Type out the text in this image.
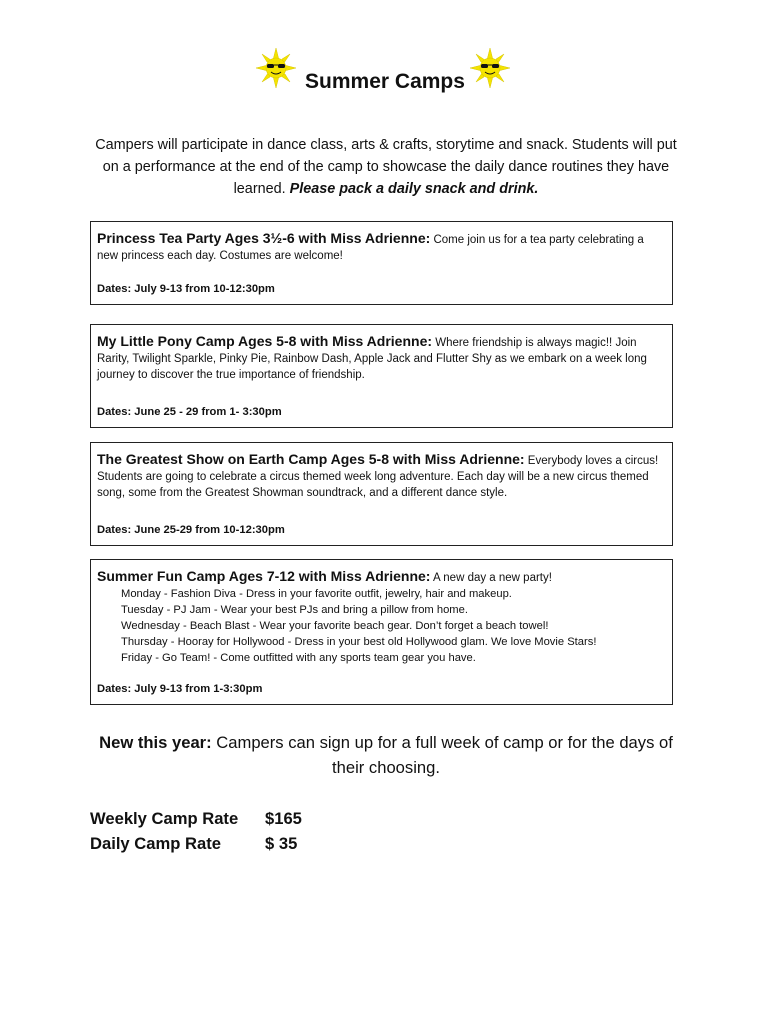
Summer Camps

Campers will participate in dance class, arts & crafts, storytime and snack. Students will put on a performance at the end of the camp to showcase the daily dance routines they have learned. Please pack a daily snack and drink.

Princess Tea Party Ages 3½-6 with Miss Adrienne: Come join us for a tea party celebrating a new princess each day. Costumes are welcome!

Dates: July 9-13 from 10-12:30pm

My Little Pony Camp Ages 5-8 with Miss Adrienne: Where friendship is always magic!! Join Rarity, Twilight Sparkle, Pinky Pie, Rainbow Dash, Apple Jack and Flutter Shy as we embark on a week long journey to discover the true importance of friendship.

Dates: June 25 - 29 from 1- 3:30pm

The Greatest Show on Earth Camp Ages 5-8 with Miss Adrienne: Everybody loves a circus! Students are going to celebrate a circus themed week long adventure. Each day will be a new circus themed song, some from the Greatest Showman soundtrack, and a different dance style.

Dates: June 25-29 from 10-12:30pm

Summer Fun Camp Ages 7-12 with Miss Adrienne: A new day a new party!

Monday - Fashion Diva - Dress in your favorite outfit, jewelry, hair and makeup.
Tuesday - PJ Jam - Wear your best PJs and bring a pillow from home.
Wednesday - Beach Blast - Wear your favorite beach gear. Don’t forget a beach towel!
Thursday - Hooray for Hollywood - Dress in your best old Hollywood glam. We love Movie Stars!
Friday - Go Team! - Come outfitted with any sports team gear you have.

Dates: July 9-13 from 1-3:30pm

New this year: Campers can sign up for a full week of camp or for the days of their choosing.

Weekly Camp Rate	$165
Daily Camp Rate	$ 35
